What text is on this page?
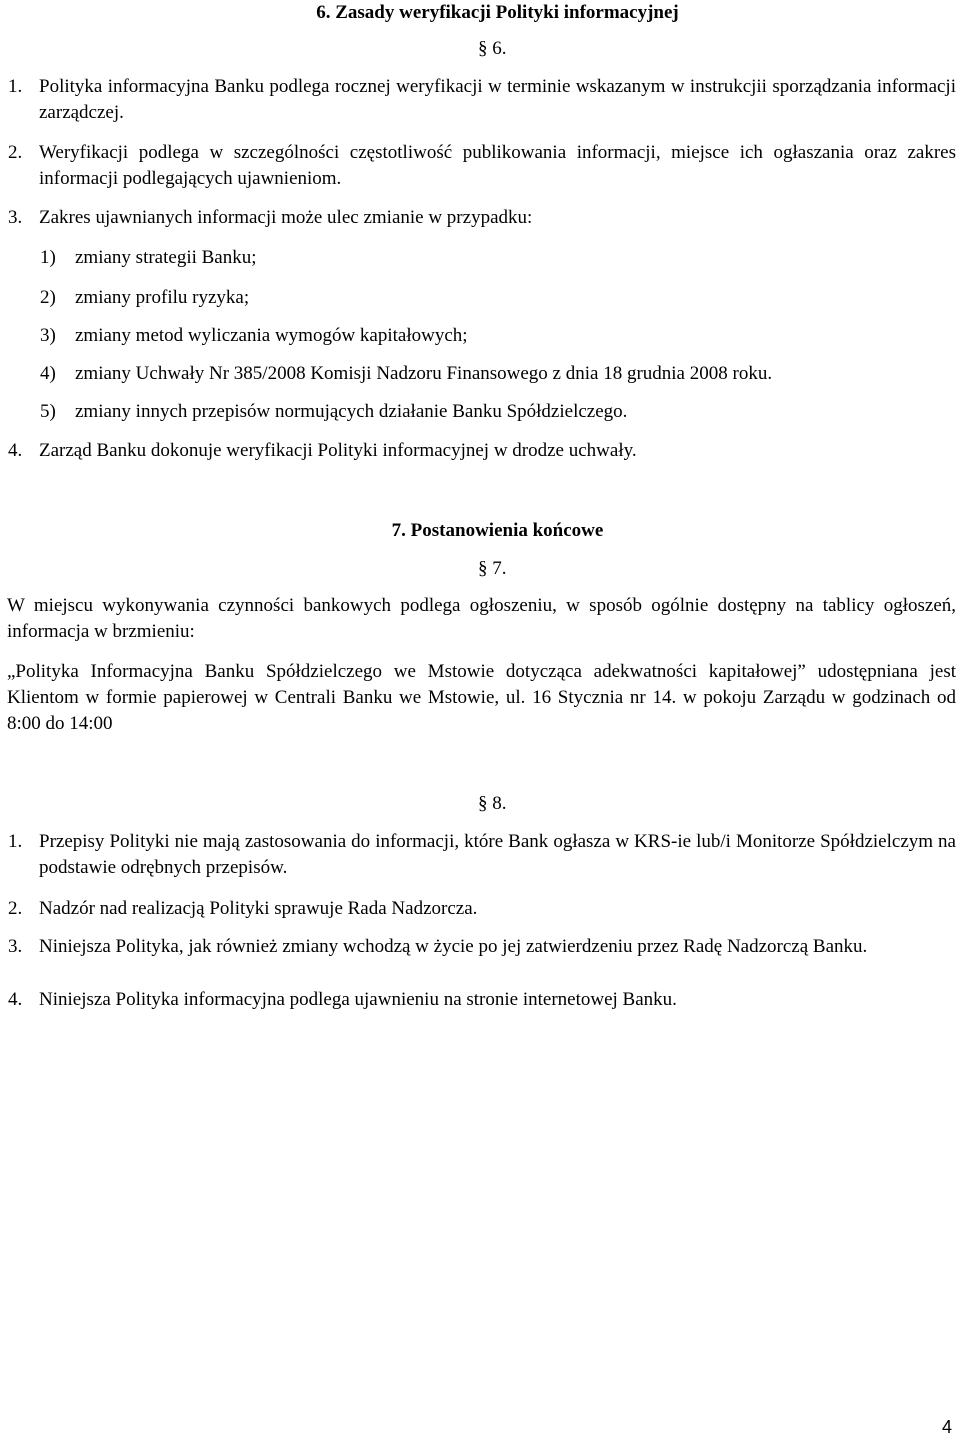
6. Zasady weryfikacji Polityki informacyjnej
§ 6.
1. Polityka informacyjna Banku podlega rocznej weryfikacji w terminie wskazanym w instrukcjii sporządzania informacji zarządczej.
2. Weryfikacji podlega w szczególności częstotliwość publikowania informacji, miejsce ich ogłaszania oraz zakres informacji podlegających ujawnieniom.
3. Zakres ujawnianych informacji może ulec zmianie w przypadku:
1) zmiany strategii Banku;
2) zmiany profilu ryzyka;
3) zmiany metod wyliczania wymogów kapitałowych;
4) zmiany Uchwały Nr 385/2008 Komisji Nadzoru Finansowego z dnia 18 grudnia 2008 roku.
5) zmiany innych przepisów normujących działanie Banku Spółdzielczego.
4. Zarząd Banku dokonuje weryfikacji Polityki informacyjnej w drodze uchwały.
7. Postanowienia końcowe
§ 7.
W miejscu wykonywania czynności bankowych podlega ogłoszeniu, w sposób ogólnie dostępny na tablicy ogłoszeń, informacja w brzmieniu:
„Polityka Informacyjna Banku Spółdzielczego we Mstowie dotycząca adekwatności kapitałowej” udostępniana jest Klientom w formie papierowej w Centrali Banku we Mstowie, ul. 16 Stycznia nr 14. w pokoju Zarządu w godzinach od 8:00 do 14:00
§ 8.
1. Przepisy Polityki nie mają zastosowania do informacji, które Bank ogłasza w KRS-ie lub/i Monitorze Spółdzielczym na podstawie odrębnych przepisów.
2. Nadzór nad realizacją Polityki sprawuje Rada Nadzorcza.
3. Niniejsza Polityka, jak również zmiany wchodzą w życie po jej zatwierdzeniu przez Radę Nadzorczą Banku.
4. Niniejsza Polityka informacyjna podlega ujawnieniu na stronie internetowej Banku.
4
